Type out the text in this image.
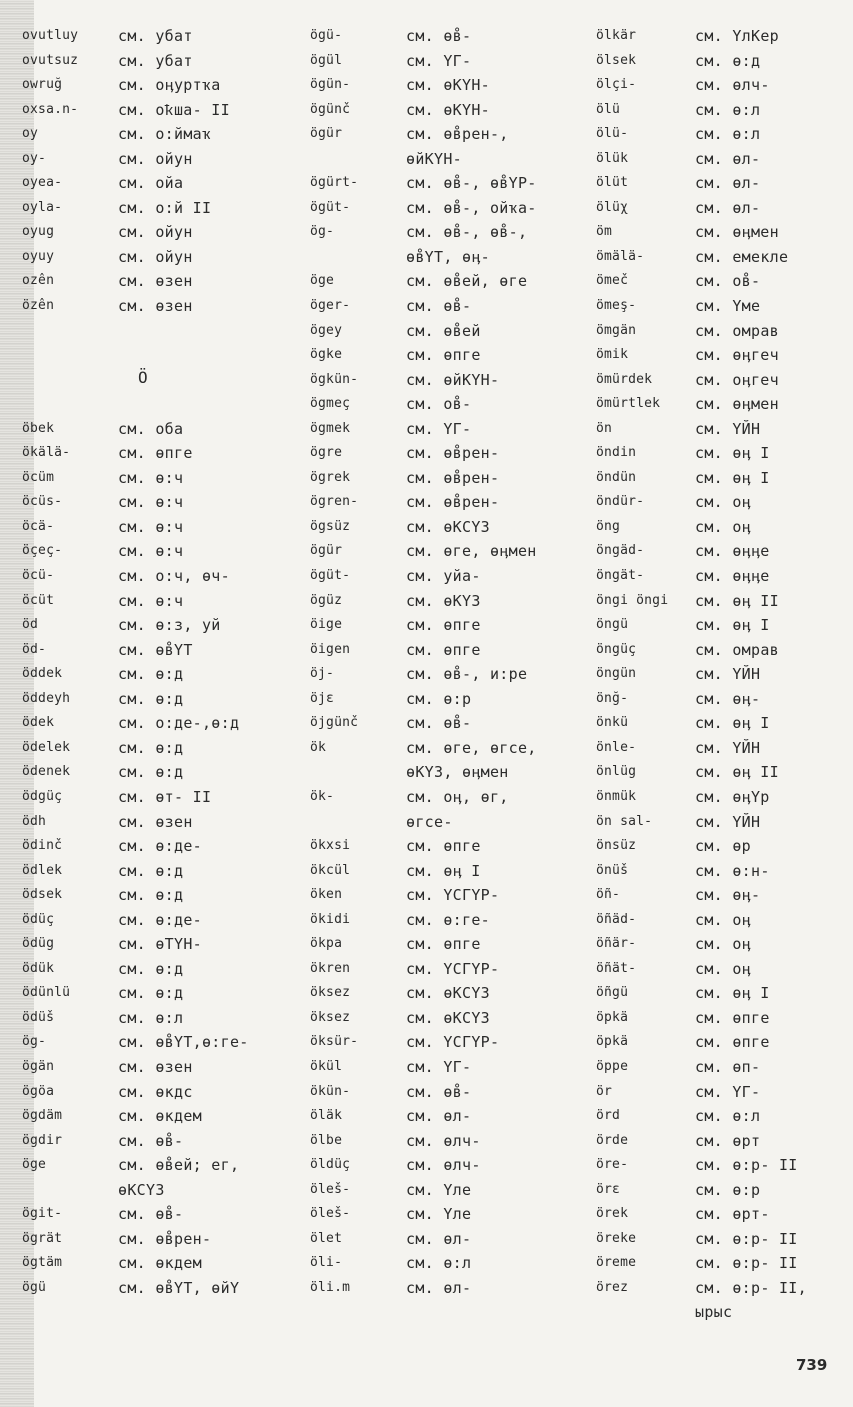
ovutluy	см. убат
ovutsuz	см. убат
owruğ	см. оӊуртҡа
oxsa.n-	см. оҟша- II
oy	см. о:ймаҡ
oy-	см. ойун
oyea-	см. ойа
oyla-	см. о:й II
oyug	см. ойун
oyuy	см. ойун
ozên	см. өзен
özên	см. өзен
öbek	см. оба
ökälä-	см. өпге
öcüm	см. ө:ч
öcüs-	см. ө:ч
öcä-	см. ө:ч
öçeç-	см. ө:ч
öcü-	см. о:ч, өч-
öcüt	см. ө:ч
öd	см. ө:з, уй
öd-	см. өв̊ҮТ
öddek	см. ө:д
öddeyh	см. ө:д
ödek	см. о:де-,ө:д
ödelek	см. ө:д
ödenek	см. ө:д
ödgüç	см. өт- II
ödh	см. өзен
ödinč	см. ө:де-
ödlek	см. ө:д
ödsek	см. ө:д
ödüç	см. ө:де-
ödüg	см. өТҮН-
ödük	см. ө:д
ödünlü	см. ө:д
ödüš	см. ө:л
ög-	см. өв̊ҮТ,ө:ге-
ögän	см. өзен
ögöa	см. өкдс
ögdäm	см. өкдем
ögdir	см. өв̊-
öge	см. өв̊ей; ег,
өКСҮЗ
ögit-	см. өв̊-
ögrät	см. өв̊рен-
ögtäm	см. өкдем
ögü	см. өв̊ҮТ, өйҮ
ögü-	см. өв̊-
ögül	см. ҮГ-
ögün-	см. өКҮН-
ögünč	см. өКҮН-
ögür	см. өв̊рен-,
өйКҮН-
ögürt-	см. өв̊-, өв̊ҮР-
ögüt-	см. өв̊-, ойҡа-
ög-	см. өв̊-, өв̊-,
өв̊ҮТ, өӊ-
öge	см. өв̊ей, өге
öger-	см. өв̊-
ögey	см. өв̊ей
ögke	см. өпге
ögkün-	см. өйКҮН-
ögmeç	см. ов̊-
ögmek	см. ҮГ-
ögre	см. өв̊рен-
ögrek	см. өв̊рен-
ögren-	см. өв̊рен-
ögsüz	см. өКСҮЗ
ögür	см. өге, өӊмен
ögüt-	см. уйа-
ögüz	см. өКҮЗ
öige	см. өпге
öigen	см. өпге
öj-	см. өв̊-, и:ре
öjε	см. ө:р
öjgünč	см. өв̊-
ök	см. өге, өгсе,
өКҮЗ, өӊмен
ök-	см. оӊ, өг,
өгсе-
ökxsi	см. өпге
ökcül	см. өӊ I
öken	см. ҮСГҮР-
ökidi	см. ө:ге-
ökpa	см. өпге
ökren	см. ҮСГҮР-
öksez	см. өКСҮЗ
öksez	см. өКСҮЗ
öksür-	см. ҮСГҮР-
ökül	см. ҮГ-
ökün-	см. өв̊-
öläk	см. өл-
ölbe	см. өлч-
öldüç	см. өлч-
öleš-	см. Үле
öleš-	см. Үле
ölet	см. өл-
öli-	см. ө:л
öli.m	см. өл-
ölkär	см. ҮлКер
ölsek	см. ө:д
ölçi-	см. өлч-
ölü	см. ө:л
ölü-	см. ө:л
ölük	см. өл-
ölüt	см. өл-
ölüχ	см. өл-
öm	см. өӊмен
ömälä-	см. емекле
ömeč	см. ов̊-
ömeş-	см. Үме
ömgän	см. омрав
ömik	см. өӊгеч
ömürdek	см. оӊгеч
ömürtlek см. өӊмен
ön	см. ҮЙН
öndin	см. өӊ I
öndün	см. өӊ I
öndür-	см. оӊ
öng	см. оӊ
öngäd-	см. өӊӊе
öngät-	см. өӊӊе
öngi öngi см. өӊ II
öngü	см. өӊ I
öngüç	см. омрав
öngün	см. ҮЙН
önğ-	см. өӊ-
önkü	см. өӊ I
önle-	см. ҮЙН
önlüg	см. өӊ II
önmük	см. өӊҮр
ön sal-	см. ҮЙН
önsüz	см. өр
önüš	см. ө:н-
öñ-	см. өӊ-
öñäd-	см. оӊ
öñär-	см. оӊ
öñät-	см. оӊ
öñgü	см. өӊ I
öpkä	см. өпге
öpkä	см. өпге
öppe	см. өп-
ör	см. ҮГ-
örd	см. ө:л
örde	см. өрт
öre-	см. ө:р- II
örε	см. ө:р
örek	см. өрт-
öreke	см. ө:р- II
öreme	см. ө:р- II
örez	см. ө:р- II,
ырыс
Ö
739
